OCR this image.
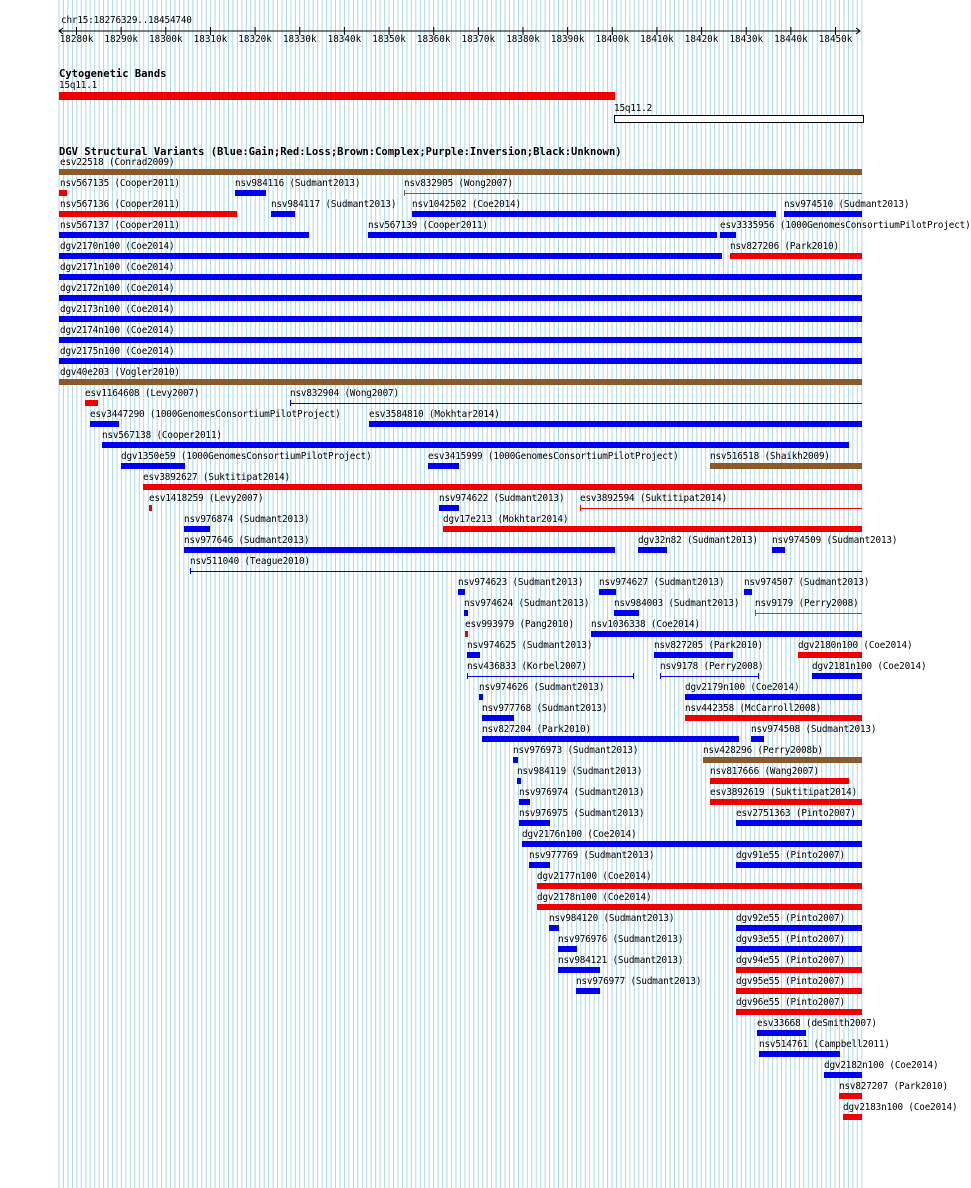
chr15:18276329..18454740
18280k 18290k 18300k 18310k 18320k 18330k 18340k 18350k 18360k 18370k 18380k 18390k 18400k 18410k 18420k 18430k 18440k 18450k
Cytogenetic Bands
15q11.1
15q11.2
DGV Structural Variants (Blue:Gain;Red:Loss;Brown:Complex;Purple:Inversion;Black:Unknown)
esv22518 (Conrad2009)
nsv567135 (Cooper2011)	nsv984116 (Sudmant2013)	nsv832905 (Wong2007)
nsv567136 (Cooper2011)	nsv984117 (Sudmant2013) nsv1042502 (Coe2014)	nsv974510 (Sudmant2013)
nsv567137 (Cooper2011)	nsv567139 (Cooper2011)	esv3335956 (1000GenomesConsortiumPilotProject)
dgv2170n100 (Coe2014)	nsv827206 (Park2010)
dgv2171n100 (Coe2014)
dgv2172n100 (Coe2014)
dgv2173n100 (Coe2014)
dgv2174n100 (Coe2014)
dgv2175n100 (Coe2014)
dgv40e203 (Vogler2010)
esv1164608 (Levy2007)	nsv832904 (Wong2007)
esv3447290 (1000GenomesConsortiumPilotProject)	esv3584810 (Mokhtar2014)
nsv567138 (Cooper2011)
dgv1350e59 (1000GenomesConsortiumPilotProject)	esv3415999 (1000GenomesConsortiumPilotProject)	nsv516518 (Shaikh2009)
esv3892627 (Suktitipat2014)
esv1418259 (Levy2007)	nsv974622 (Sudmant2013) esv3892594 (Suktitipat2014)
nsv976874 (Sudmant2013)	dgv17e213 (Mokhtar2014)
nsv977646 (Sudmant2013)	dgv32n82 (Sudmant2013) nsv974509 (Sudmant2013)
nsv511040 (Teague2010)
nsv974623 (Sudmant2013) nsv974627 (Sudmant2013) nsv974507 (Sudmant2013)
nsv974624 (Sudmant2013)	nsv984003 (Sudmant2013) nsv9179 (Perry2008)
esv993979 (Pang2010) nsv1036338 (Coe2014)
nsv974625 (Sudmant2013)	nsv827205 (Park2010)	dgv2180n100 (Coe2014)
nsv436833 (Korbel2007)	nsv9178 (Perry2008)	dgv2181n100 (Coe2014)
nsv974626 (Sudmant2013)	dgv2179n100 (Coe2014)
nsv977768 (Sudmant2013)	nsv442358 (McCarroll2008)
nsv827204 (Park2010)	nsv974508 (Sudmant2013)
nsv976973 (Sudmant2013)	nsv428296 (Perry2008b)
nsv984119 (Sudmant2013)	nsv817666 (Wang2007)
nsv976974 (Sudmant2013)	esv3892619 (Suktitipat2014)
nsv976975 (Sudmant2013)	esv2751363 (Pinto2007)
dgv2176n100 (Coe2014)
nsv977769 (Sudmant2013)	dgv91e55 (Pinto2007)
dgv2177n100 (Coe2014)
dgv2178n100 (Coe2014)
nsv984120 (Sudmant2013)	dgv92e55 (Pinto2007)
nsv976976 (Sudmant2013)	dgv93e55 (Pinto2007)
nsv984121 (Sudmant2013)	dgv94e55 (Pinto2007)
nsv976977 (Sudmant2013)	dgv95e55 (Pinto2007)
dgv96e55 (Pinto2007)
esv33668 (deSmith2007)
nsv514761 (Campbell2011)
dgv2182n100 (Coe2014)
nsv827207 (Park2010)
dgv2183n100 (Coe2014)
